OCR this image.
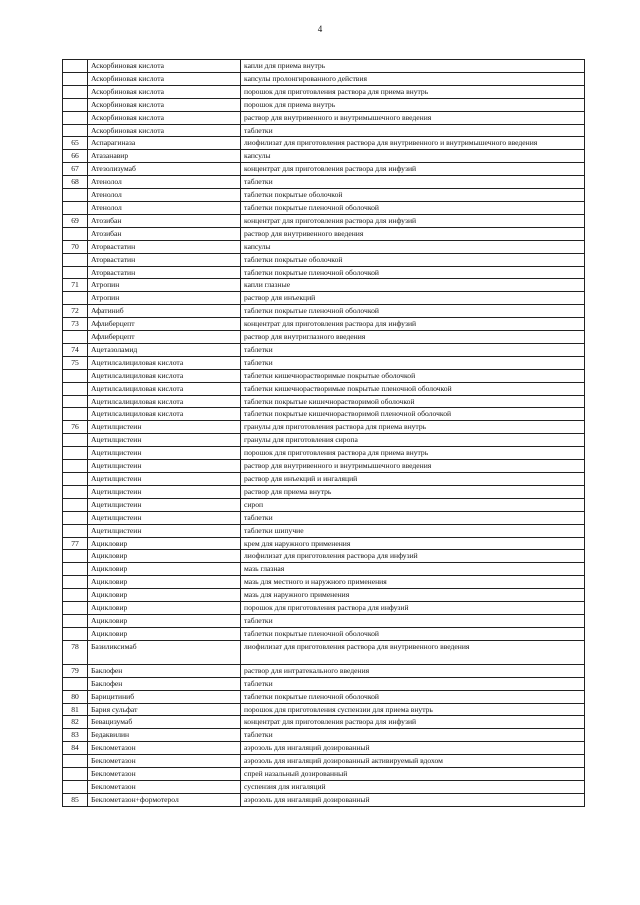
4
	Аскорбиновая кислота	капли для приема внутрь
	Аскорбиновая кислота	капсулы пролонгированного действия
	Аскорбиновая кислота	порошок для приготовления раствора для приема внутрь
	Аскорбиновая кислота	порошок для приема внутрь
	Аскорбиновая кислота	раствор для внутривенного и внутримышечного введения
	Аскорбиновая кислота	таблетки
65	Аспарагиназа	лиофилизат для приготовления раствора для внутривенного и внутримышечного введения
66	Атазанавир	капсулы
67	Атезолизумаб	концентрат для приготовления раствора для инфузий
68	Атенолол	таблетки
	Атенолол	таблетки покрытые оболочкой
	Атенолол	таблетки покрытые пленочной оболочкой
69	Атозибан	концентрат для приготовления раствора для инфузий
	Атозибан	раствор для внутривенного введения
70	Аторвастатин	капсулы
	Аторвастатин	таблетки покрытые оболочкой
	Аторвастатин	таблетки покрытые пленочной оболочкой
71	Атропин	капли глазные
	Атропин	раствор для инъекций
72	Афатиниб	таблетки покрытые пленочной оболочкой
73	Афлиберцепт	концентрат для приготовления раствора для инфузий
	Афлиберцепт	раствор для внутриглазного введения
74	Ацетазоламид	таблетки
75	Ацетилсалициловая кислота	таблетки
	Ацетилсалициловая кислота	таблетки кишечнорастворимые покрытые оболочкой
	Ацетилсалициловая кислота	таблетки кишечнорастворимые покрытые пленочной оболочкой
	Ацетилсалициловая кислота	таблетки покрытые кишечнорастворимой оболочкой
	Ацетилсалициловая кислота	таблетки покрытые кишечнорастворимой пленочной оболочкой
76	Ацетилцистеин	гранулы для приготовления раствора для приема внутрь
	Ацетилцистеин	гранулы для приготовления сиропа
	Ацетилцистеин	порошок для приготовления раствора для приема внутрь
	Ацетилцистеин	раствор для внутривенного и внутримышечного введения
	Ацетилцистеин	раствор для инъекций и ингаляций
	Ацетилцистеин	раствор для приема внутрь
	Ацетилцистеин	сироп
	Ацетилцистеин	таблетки
	Ацетилцистеин	таблетки шипучие
77	Ацикловир	крем для наружного применения
	Ацикловир	лиофилизат для приготовления раствора для инфузий
	Ацикловир	мазь глазная
	Ацикловир	мазь для местного и наружного применения
	Ацикловир	мазь для наружного применения
	Ацикловир	порошок для приготовления раствора для инфузий
	Ацикловир	таблетки
	Ацикловир	таблетки покрытые пленочной оболочкой
78	Базиликсимаб	лиофилизат для приготовления раствора для внутривенного введения
79	Баклофен	раствор для интратекального введения
	Баклофен	таблетки
80	Барицитиниб	таблетки покрытые пленочной оболочкой
81	Бария сульфат	порошок для приготовления суспензии для приема внутрь
82	Бевацизумаб	концентрат для приготовления раствора для инфузий
83	Бедаквилин	таблетки
84	Беклометазон	аэрозоль для ингаляций дозированный
	Беклометазон	аэрозоль для ингаляций дозированный активируемый вдохом
	Беклометазон	спрей назальный дозированный
	Беклометазон	суспензия для ингаляций
85	Беклометазон+формотерол	аэрозоль для ингаляций дозированный
